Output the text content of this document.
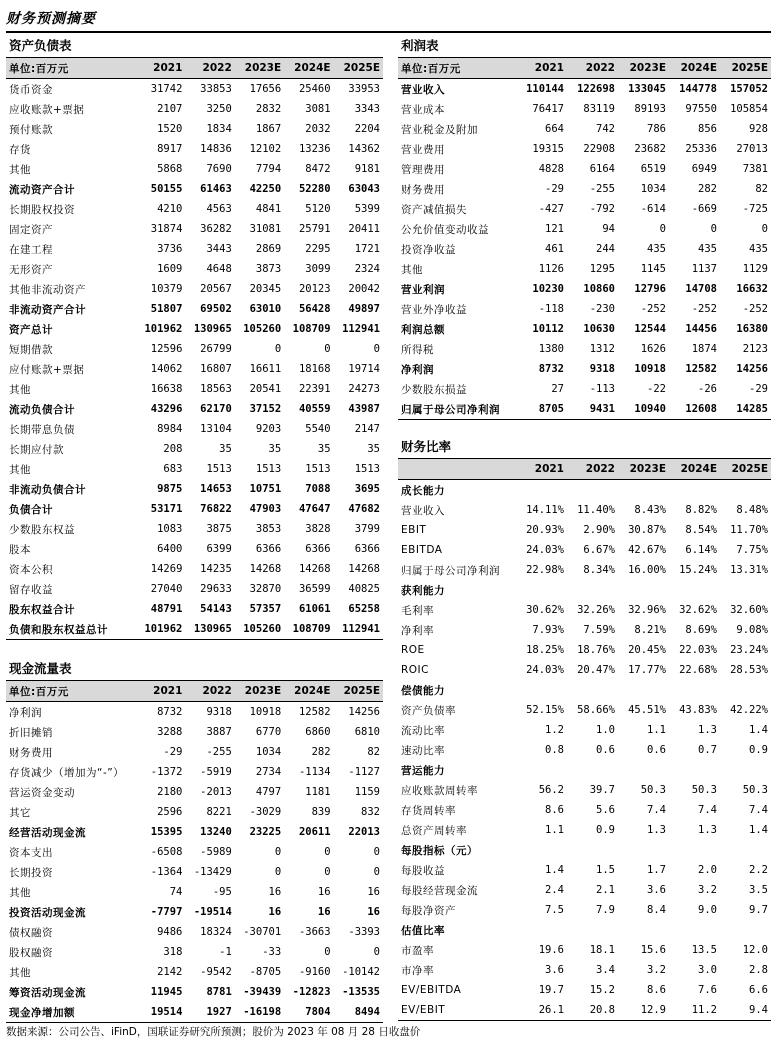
财务预测摘要
资产负债表
单位:百万元	2021	2022	2023E	2024E	2025E
货币资金	31742	33853	17656	25460	33953
应收账款+票据	2107	3250	2832	3081	3343
预付账款	1520	1834	1867	2032	2204
存货	8917	14836	12102	13236	14362
其他	5868	7690	7794	8472	9181
流动资产合计	50155	61463	42250	52280	63043
长期股权投资	4210	4563	4841	5120	5399
固定资产	31874	36282	31081	25791	20411
在建工程	3736	3443	2869	2295	1721
无形资产	1609	4648	3873	3099	2324
其他非流动资产	10379	20567	20345	20123	20042
非流动资产合计	51807	69502	63010	56428	49897
资产总计	101962	130965	105260	108709	112941
短期借款	12596	26799	0	0	0
应付账款+票据	14062	16807	16611	18168	19714
其他	16638	18563	20541	22391	24273
流动负债合计	43296	62170	37152	40559	43987
长期带息负债	8984	13104	9203	5540	2147
长期应付款	208	35	35	35	35
其他	683	1513	1513	1513	1513
非流动负债合计	9875	14653	10751	7088	3695
负债合计	53171	76822	47903	47647	47682
少数股东权益	1083	3875	3853	3828	3799
股本	6400	6399	6366	6366	6366
资本公积	14269	14235	14268	14268	14268
留存收益	27040	29633	32870	36599	40825
股东权益合计	48791	54143	57357	61061	65258
负债和股东权益总计	101962	130965	105260	108709	112941
利润表
单位:百万元	2021	2022	2023E	2024E	2025E
营业收入	110144	122698	133045	144778	157052
营业成本	76417	83119	89193	97550	105854
营业税金及附加	664	742	786	856	928
营业费用	19315	22908	23682	25336	27013
管理费用	4828	6164	6519	6949	7381
财务费用	-29	-255	1034	282	82
资产减值损失	-427	-792	-614	-669	-725
公允价值变动收益	121	94	0	0	0
投资净收益	461	244	435	435	435
其他	1126	1295	1145	1137	1129
营业利润	10230	10860	12796	14708	16632
营业外净收益	-118	-230	-252	-252	-252
利润总额	10112	10630	12544	14456	16380
所得税	1380	1312	1626	1874	2123
净利润	8732	9318	10918	12582	14256
少数股东损益	27	-113	-22	-26	-29
归属于母公司净利润	8705	9431	10940	12608	14285
财务比率
	2021	2022	2023E	2024E	2025E
成长能力					
营业收入	14.11%	11.40%	8.43%	8.82%	8.48%
EBIT	20.93%	2.90%	30.87%	8.54%	11.70%
EBITDA	24.03%	6.67%	42.67%	6.14%	7.75%
归属于母公司净利润	22.98%	8.34%	16.00%	15.24%	13.31%
获利能力					
毛利率	30.62%	32.26%	32.96%	32.62%	32.60%
净利率	7.93%	7.59%	8.21%	8.69%	9.08%
ROE	18.25%	18.76%	20.45%	22.03%	23.24%
ROIC	24.03%	20.47%	17.77%	22.68%	28.53%
偿债能力					
资产负债率	52.15%	58.66%	45.51%	43.83%	42.22%
流动比率	1.2	1.0	1.1	1.3	1.4
速动比率	0.8	0.6	0.6	0.7	0.9
营运能力					
应收账款周转率	56.2	39.7	50.3	50.3	50.3
存货周转率	8.6	5.6	7.4	7.4	7.4
总资产周转率	1.1	0.9	1.3	1.3	1.4
每股指标（元）					
每股收益	1.4	1.5	1.7	2.0	2.2
每股经营现金流	2.4	2.1	3.6	3.2	3.5
每股净资产	7.5	7.9	8.4	9.0	9.7
估值比率					
市盈率	19.6	18.1	15.6	13.5	12.0
市净率	3.6	3.4	3.2	3.0	2.8
EV/EBITDA	19.7	15.2	8.6	7.6	6.6
EV/EBIT	26.1	20.8	12.9	11.2	9.4
现金流量表
单位:百万元	2021	2022	2023E	2024E	2025E
净利润	8732	9318	10918	12582	14256
折旧摊销	3288	3887	6770	6860	6810
财务费用	-29	-255	1034	282	82
存货减少（增加为“-”）	-1372	-5919	2734	-1134	-1127
营运资金变动	2180	-2013	4797	1181	1159
其它	2596	8221	-3029	839	832
经营活动现金流	15395	13240	23225	20611	22013
资本支出	-6508	-5989	0	0	0
长期投资	-1364	-13429	0	0	0
其他	74	-95	16	16	16
投资活动现金流	-7797	-19514	16	16	16
债权融资	9486	18324	-30701	-3663	-3393
股权融资	318	-1	-33	0	0
其他	2142	-9542	-8705	-9160	-10142
筹资活动现金流	11945	8781	-39439	-12823	-13535
现金净增加额	19514	1927	-16198	7804	8494
数据来源：公司公告、iFinD，国联证券研究所预测；股价为 2023 年 08 月 28 日收盘价
